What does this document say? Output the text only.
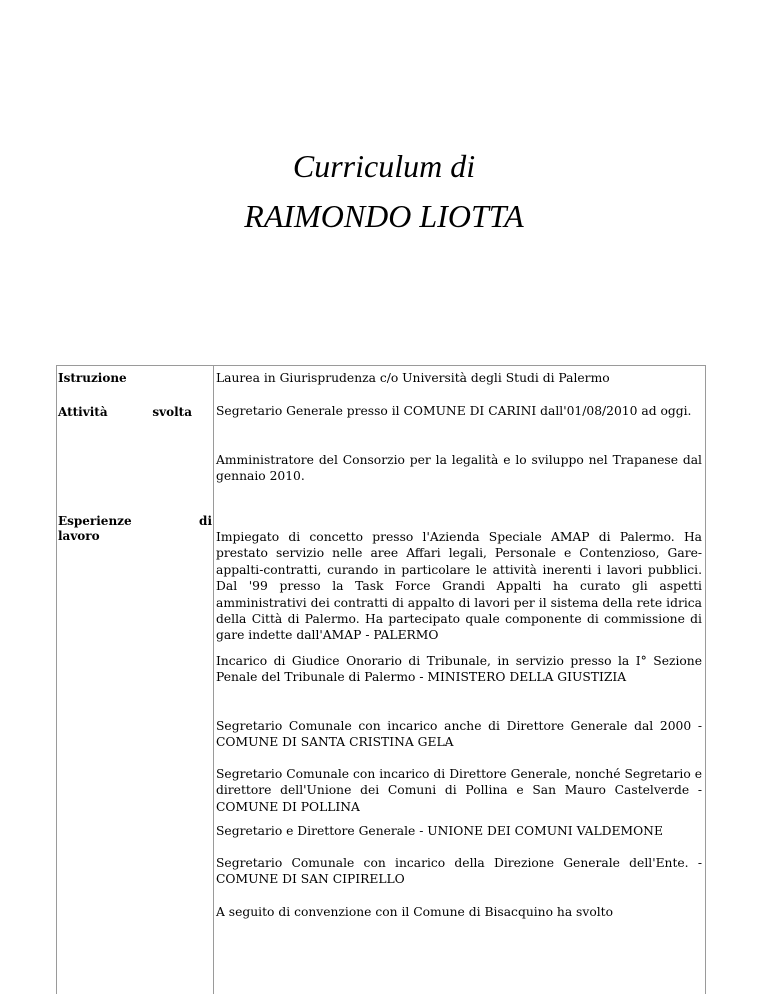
Curriculum di
RAIMONDO LIOTTA
Istruzione
Attività	svolta
Esperienze	di
lavoro

Laurea in Giurisprudenza c/o Università degli Studi di Palermo

Segretario Generale presso il COMUNE DI CARINI dall'01/08/2010 ad oggi.

Amministratore del Consorzio per la legalità e lo sviluppo nel Trapanese dal gennaio 2010.

Impiegato di concetto presso l'Azienda Speciale AMAP di Palermo. Ha prestato servizio nelle aree Affari legali, Personale e Contenzioso, Gare-appalti-contratti, curando in particolare le attività inerenti i lavori pubblici. Dal '99 presso la Task Force Grandi Appalti ha curato gli aspetti amministrativi dei contratti di appalto di lavori per il sistema della rete idrica della Città di Palermo. Ha partecipato quale componente di commissione di gare indette dall'AMAP - PALERMO

Incarico di Giudice Onorario di Tribunale, in servizio presso la I° Sezione Penale del Tribunale di Palermo - MINISTERO DELLA GIUSTIZIA

Segretario Comunale con incarico anche di Direttore Generale dal 2000 - COMUNE DI SANTA CRISTINA GELA

Segretario Comunale con incarico di Direttore Generale, nonché Segretario e direttore dell'Unione dei Comuni di Pollina e San Mauro Castelverde - COMUNE DI POLLINA

Segretario e Direttore Generale - UNIONE DEI COMUNI VALDEMONE

Segretario Comunale con incarico della Direzione Generale dell'Ente. - COMUNE DI SAN CIPIRELLO

A seguito di convenzione con il Comune di Bisacquino ha svolto
